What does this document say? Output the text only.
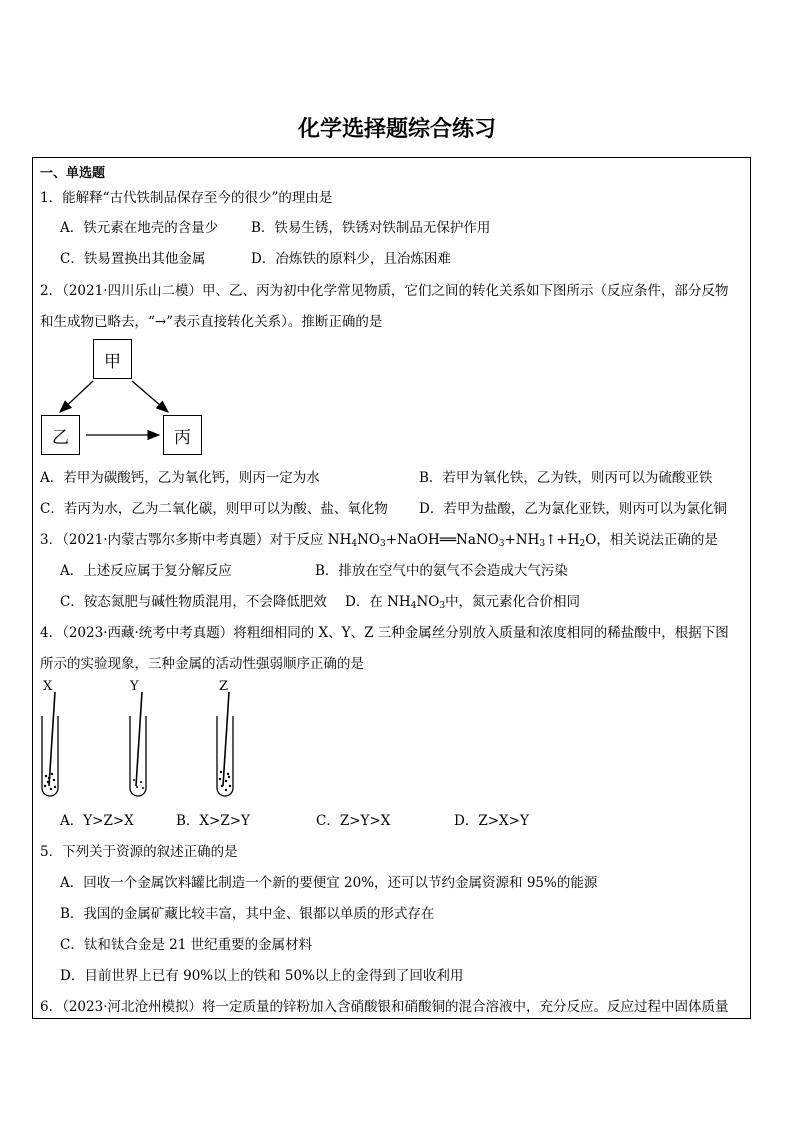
化学选择题综合练习
一、单选题
1．能解释“古代铁制品保存至今的很少”的理由是
A．铁元素在地壳的含量少 B．铁易生锈，铁锈对铁制品无保护作用
C．铁易置换出其他金属	D．冶炼铁的原料少，且冶炼困难
2．（2021·四川乐山二模）甲、乙、丙为初中化学常见物质，它们之间的转化关系如下图所示（反应条件，部分反物
和生成物已略去，“→”表示直接转化关系）。推断正确的是
甲
乙	丙
A．若甲为碳酸钙，乙为氧化钙，则丙一定为水	B．若甲为氧化铁，乙为铁，则丙可以为硫酸亚铁
C．若丙为水，乙为二氧化碳，则甲可以为酸、盐、氧化物 D．若甲为盐酸，乙为氯化亚铁，则丙可以为氯化铜
3．（2021·内蒙古鄂尔多斯中考真题）对于反应 $NH_4NO_3+NaOH══NaNO_3+NH_3↑+H_2O$，相关说法正确的是
A．上述反应属于复分解反应	B．排放在空气中的氨气不会造成大气污染
C．铵态氮肥与碱性物质混用，不会降低肥效 D．在 $NH_4NO_3$中，氮元素化合价相同
4．（2023·西藏·统考中考真题）将粗细相同的 X、Y、Z 三种金属丝分别放入质量和浓度相同的稀盐酸中，根据下图
所示的实验现象，三种金属的活动性强弱顺序正确的是
X	Y	Z
A．Y>Z>X	B．X>Z>Y	C．Z>Y>X	D．Z>X>Y
5．下列关于资源的叙述正确的是
A．回收一个金属饮料罐比制造一个新的要便宜 20%，还可以节约金属资源和 95%的能源
B．我国的金属矿藏比较丰富，其中金、银都以单质的形式存在
C．钛和钛合金是 21 世纪重要的金属材料
D．目前世界上已有 90%以上的铁和 50%以上的金得到了回收利用
6．（2023·河北沧州模拟）将一定质量的锌粉加入含硝酸银和硝酸铜的混合溶液中，充分反应。反应过程中固体质量
